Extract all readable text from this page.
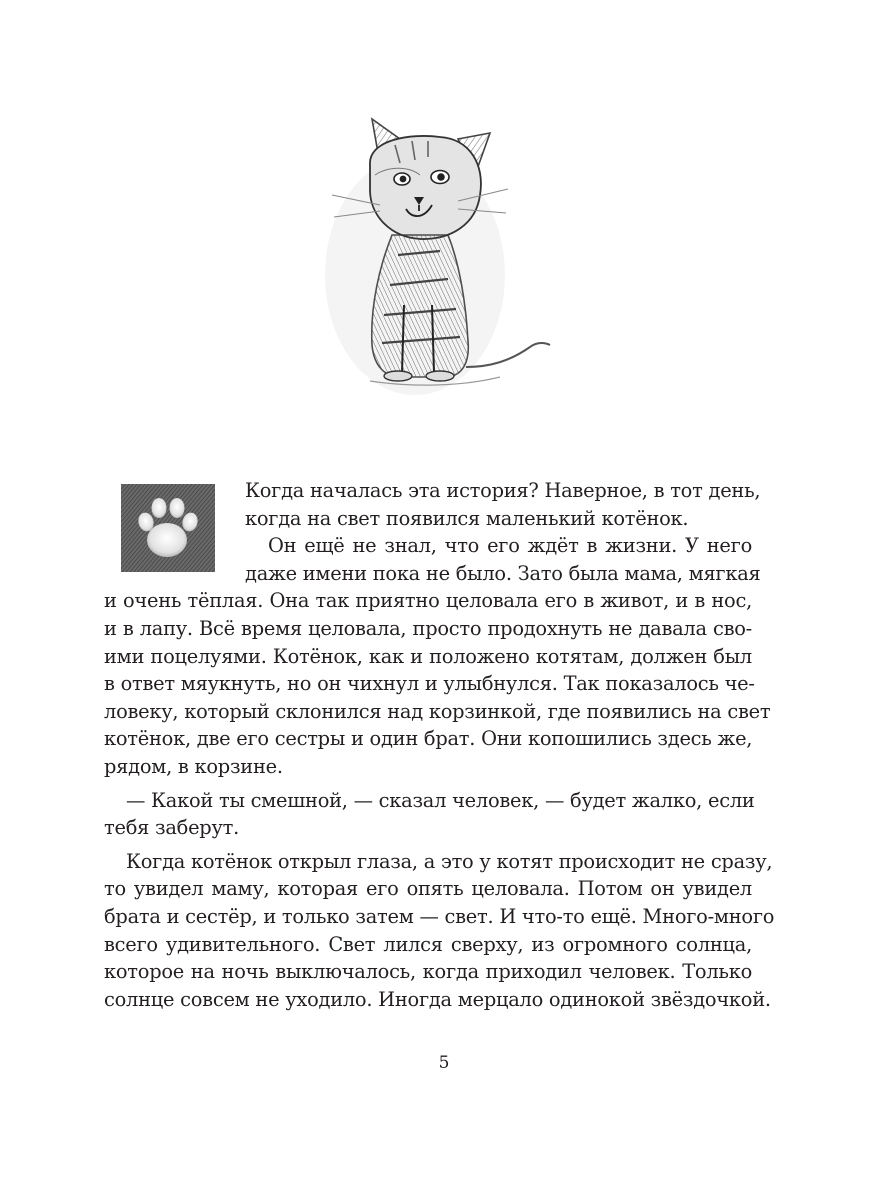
Когда началась эта история? Наверное, в тот день,
когда на свет появился маленький котёнок.
Он ещё не знал, что его ждёт в жизни. У него
даже имени пока не было. Зато была мама, мягкая
и очень тёплая. Она так приятно целовала его в живот, и в нос,
и в лапу. Всё время целовала, просто продохнуть не давала сво-
ими поцелуями. Котёнок, как и положено котятам, должен был
в ответ мяукнуть, но он чихнул и улыбнулся. Так показалось че-
ловеку, который склонился над корзинкой, где появились на свет
котёнок, две его сестры и один брат. Они копошились здесь же,
рядом, в корзине.
— Какой ты смешной, — сказал человек, — будет жалко, если
тебя заберут.
Когда котёнок открыл глаза, а это у котят происходит не сразу,
то увидел маму, которая его опять целовала. Потом он увидел
брата и сестёр, и только затем — свет. И что-то ещё. Много-много
всего удивительного. Свет лился сверху, из огромного солнца,
которое на ночь выключалось, когда приходил человек. Только
солнце совсем не уходило. Иногда мерцало одинокой звёздочкой.
5
